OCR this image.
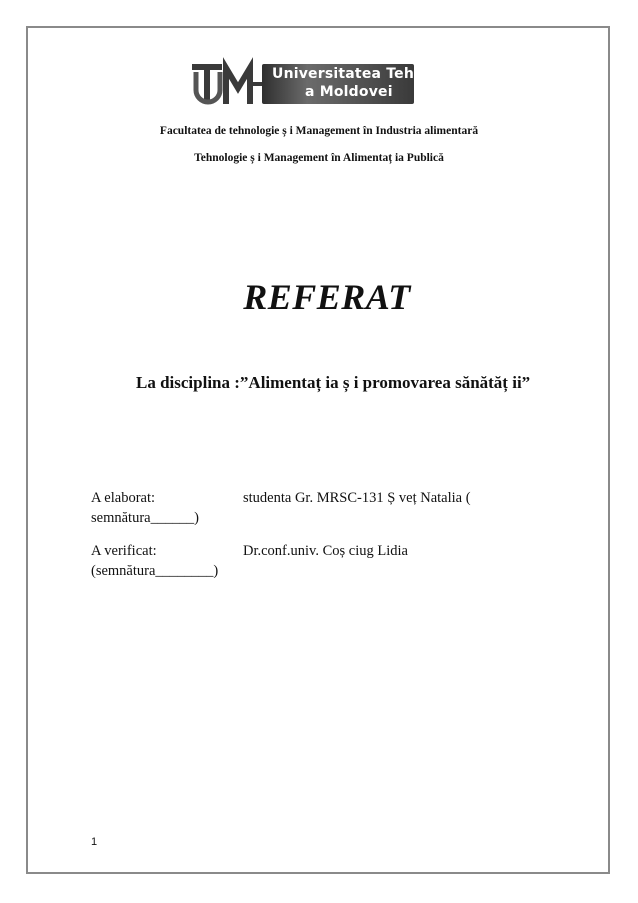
Universitatea Tehnică
a Moldovei
Facultatea de tehnologie ș i Management în Industria alimentară
Tehnologie ș i Management în Alimentaț ia Publică
REFERAT
La disciplina :”Alimentaț ia ș i promovarea sănătăț ii”
A elaborat:	studenta Gr. MRSC-131 Ș veț Natalia (
semnătura______)
A verificat:	Dr.conf.univ. Coș ciug Lidia
(semnătura________)
1
